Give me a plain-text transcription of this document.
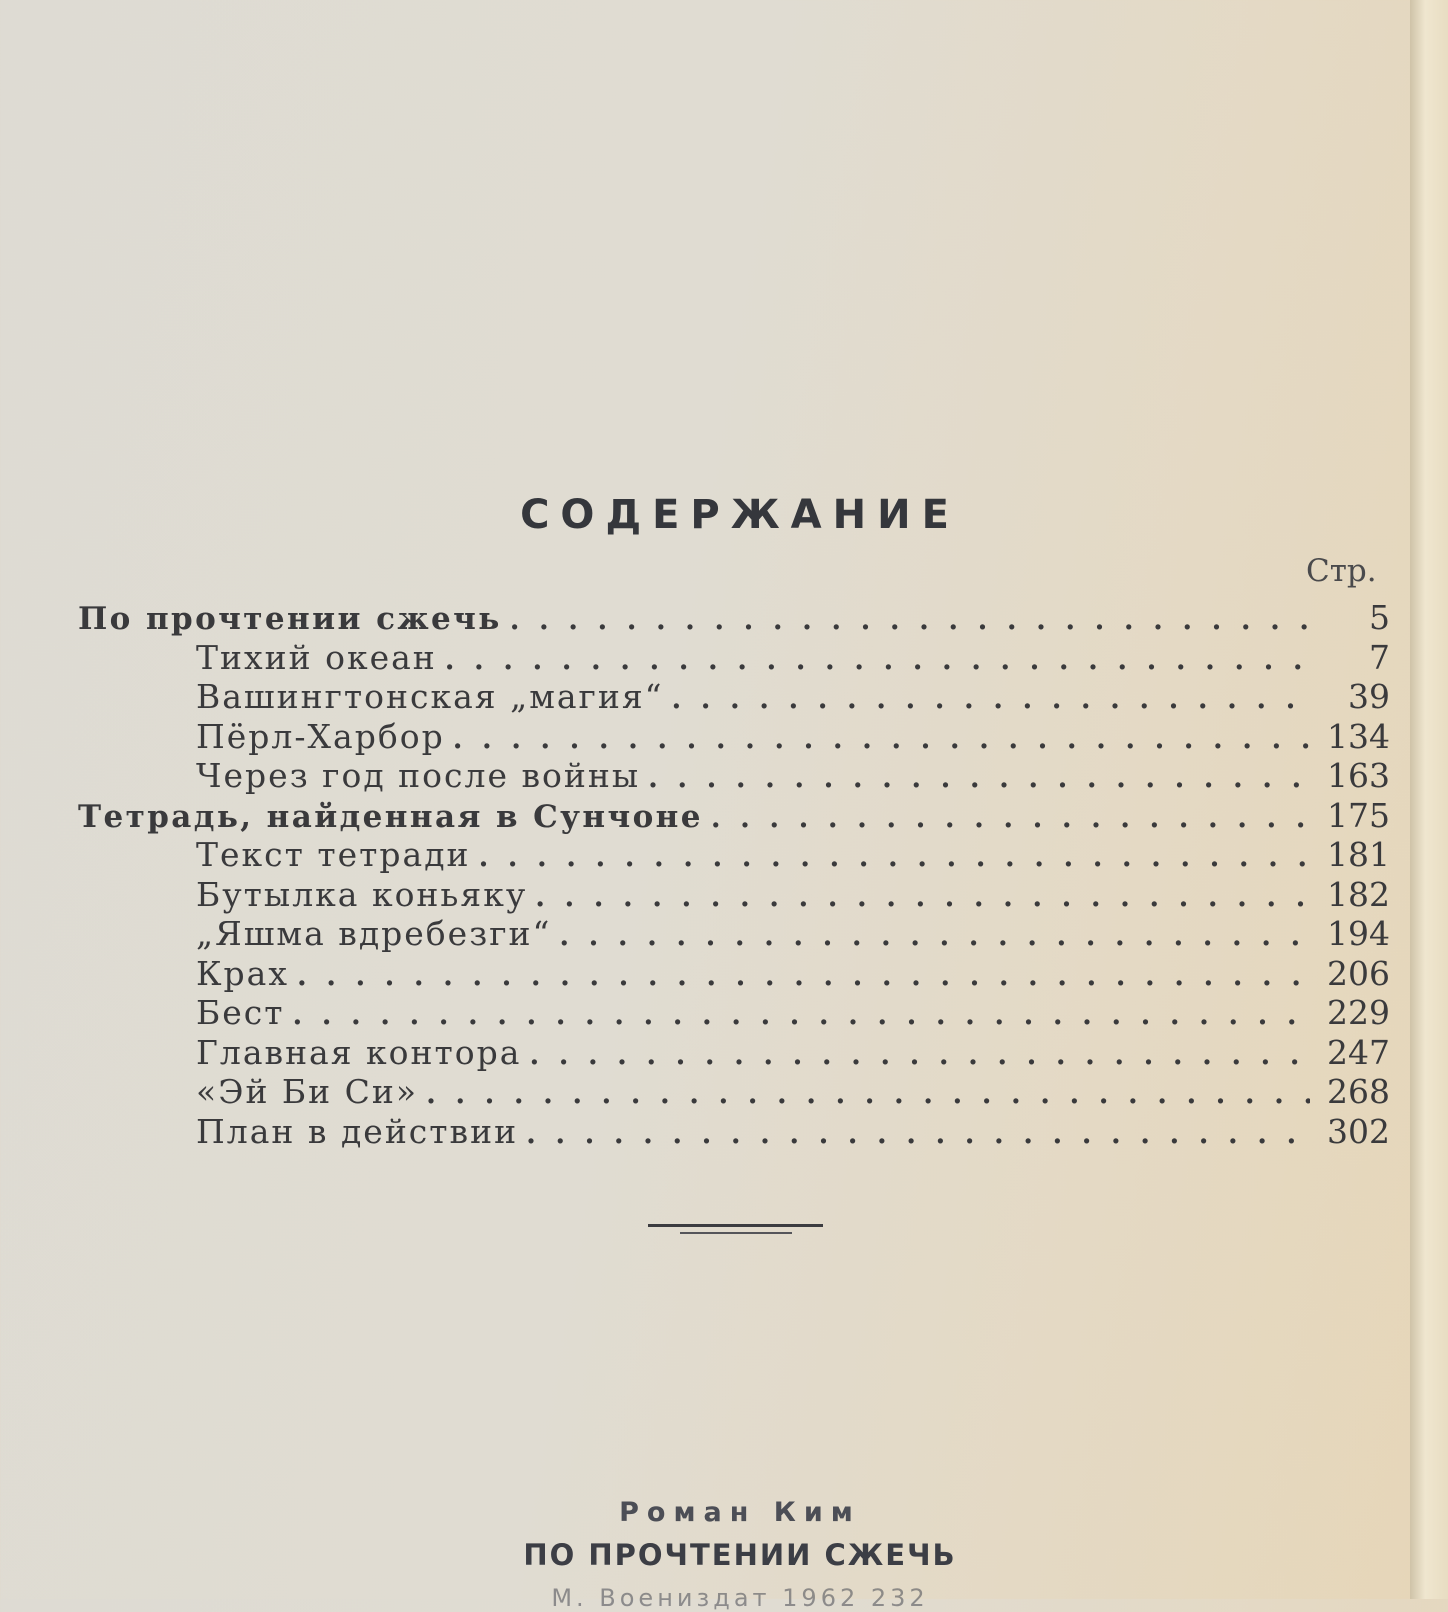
СОДЕРЖАНИЕ
Стр.
По прочтении сжечь . .	5
Тихий океан . .	7
Вашингтонская „магия“ . .	39
Пёрл-Харбор . .	134
Через год после войны . .	163
Тетрадь, найденная в Сунчоне . .	175
Текст тетради . .	181
Бутылка коньяку . .	182
„Яшма вдребезги“ . .	194
Крах . .	206
Бест . .	229
Главная контора . .	247
«Эй Би Си» . .	268
План в действии . .	302
Роман Ким
ПО ПРОЧТЕНИИ СЖЕЧЬ
М. Воениздат 1962 232
